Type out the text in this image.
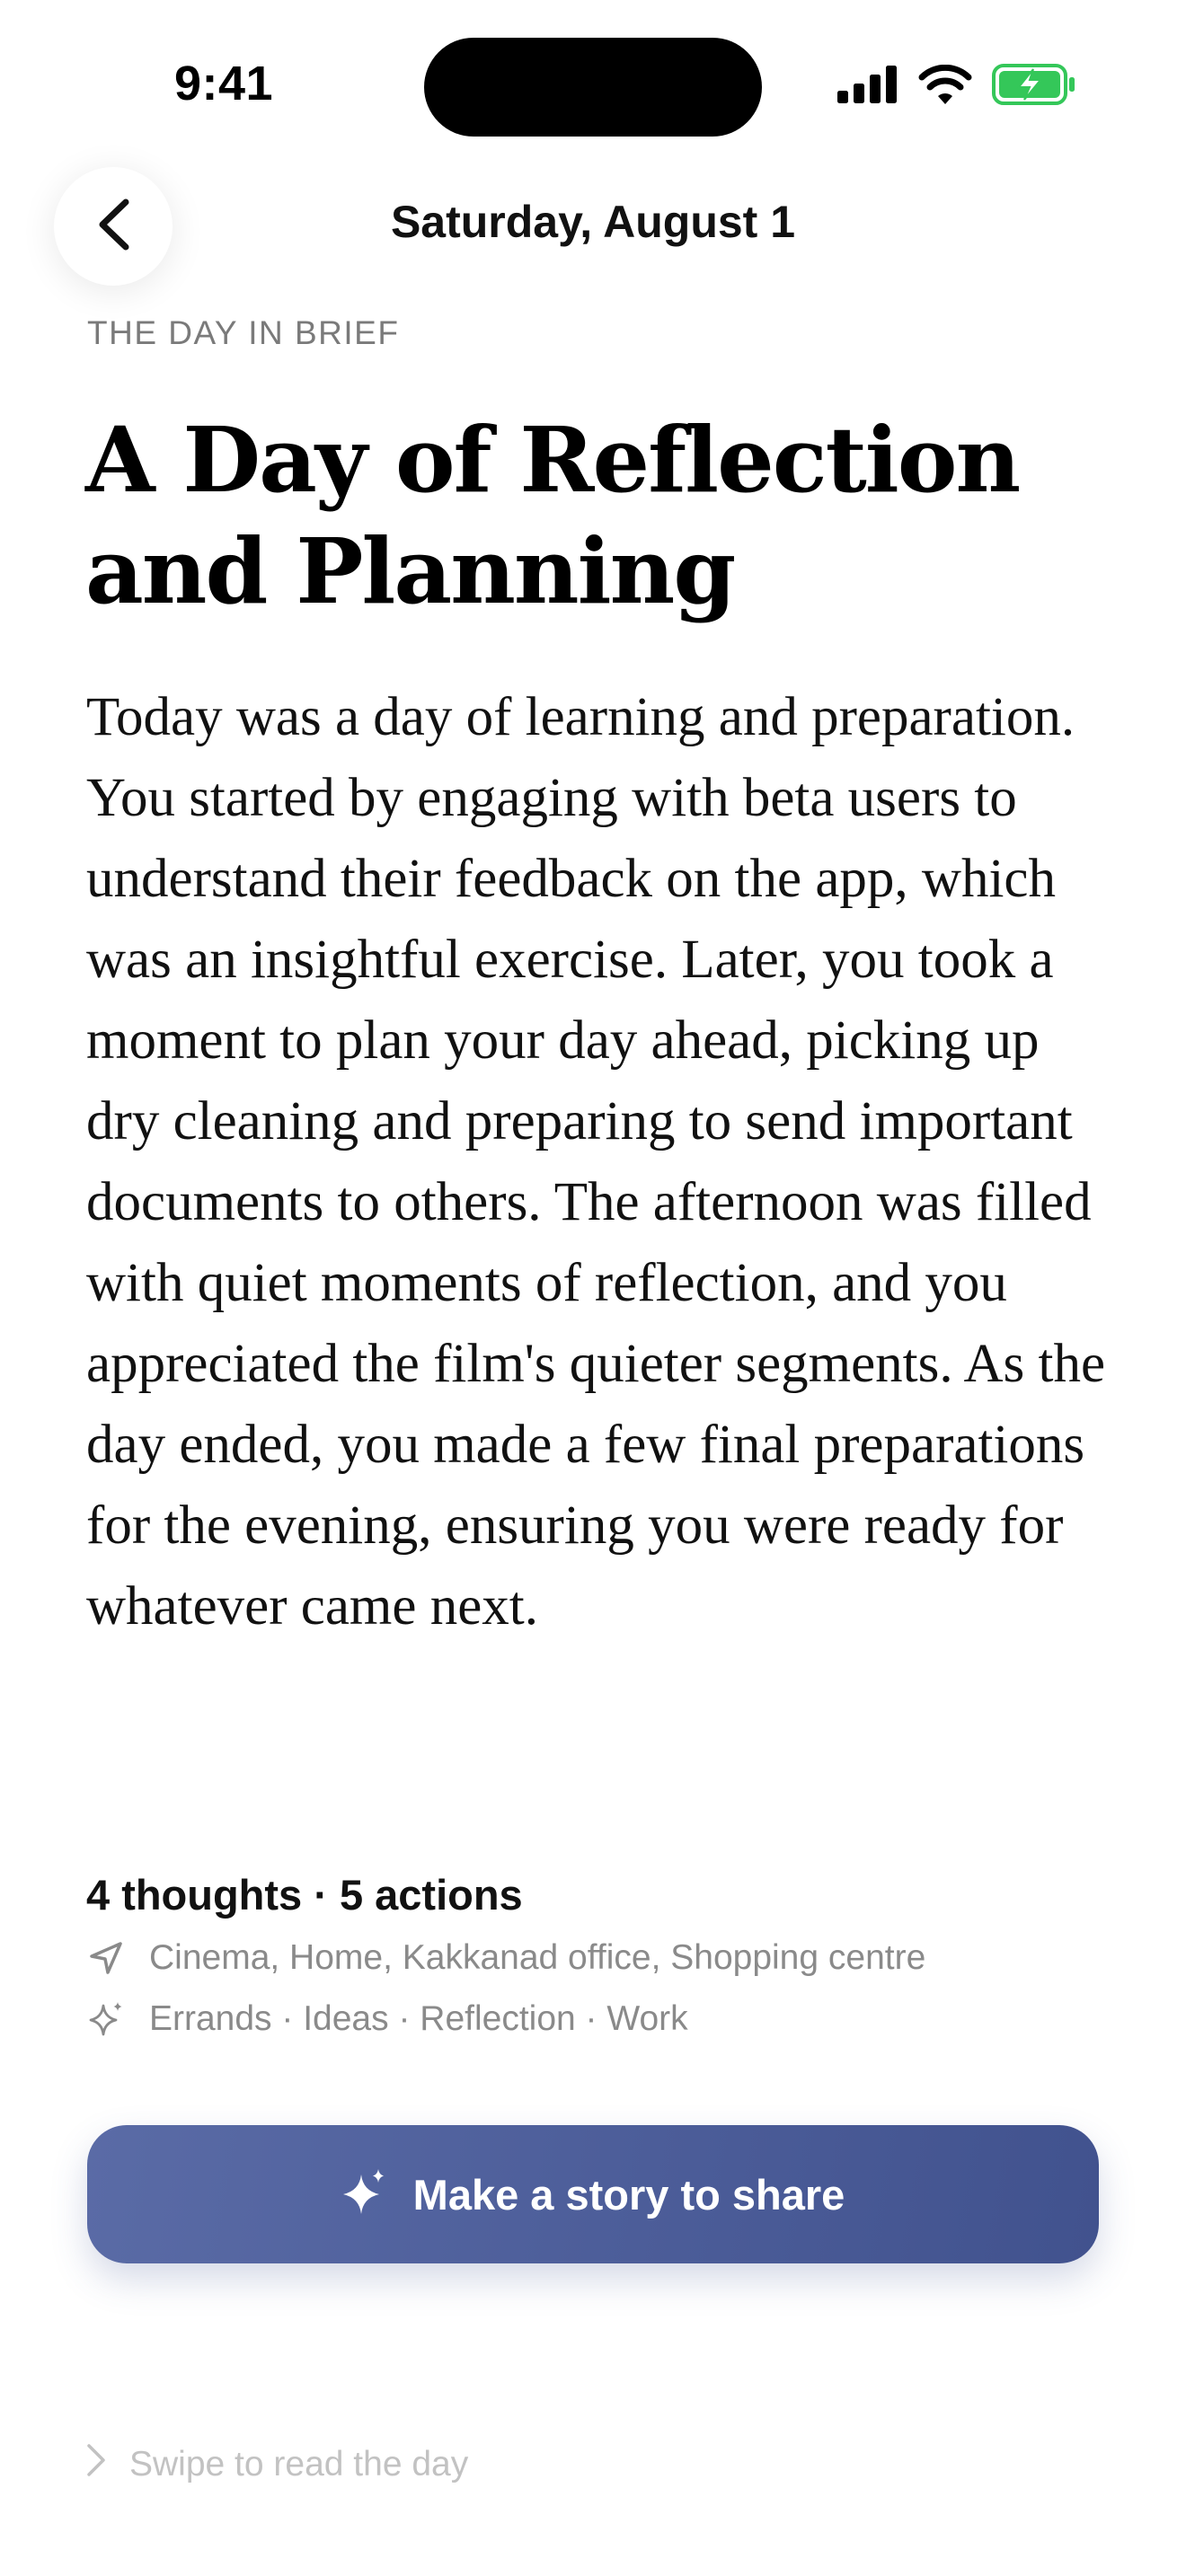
9:41
Saturday, August 1
THE DAY IN BRIEF
A Day of Reflection
and Planning

Today was a day of learning and preparation. You started by engaging with beta users to understand their feedback on the app, which was an insightful exercise. Later, you took a moment to plan your day ahead, picking up dry cleaning and preparing to send important documents to others. The afternoon was filled with quiet moments of reflection, and you appreciated the film's quieter segments. As the day ended, you made a few final preparations for the evening, ensuring you were ready for whatever came next.

4 thoughts · 5 actions
Cinema, Home, Kakkanad office, Shopping centre
Errands · Ideas · Reflection · Work
Make a story to share
Swipe to read the day
